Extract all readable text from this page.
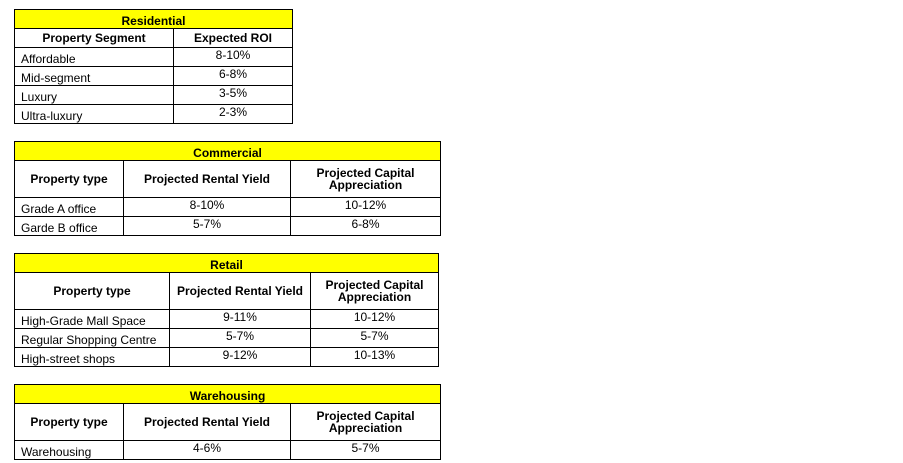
Residential	
Property Segment	Expected ROI
Affordable	8-10%
Mid-segment	6-8%
Luxury	3-5%
Ultra-luxury	2-3%
Commercial		
Property type	Projected Rental Yield	Projected Capital Appreciation
Grade A office	8-10%	10-12%
Garde B office	5-7%	6-8%
Retail		
Property type	Projected Rental Yield	Projected Capital Appreciation
High-Grade Mall Space	9-11%	10-12%
Regular Shopping Centre	5-7%	5-7%
High-street shops	9-12%	10-13%
Warehousing		
Property type	Projected Rental Yield	Projected Capital Appreciation
Warehousing	4-6%	5-7%
